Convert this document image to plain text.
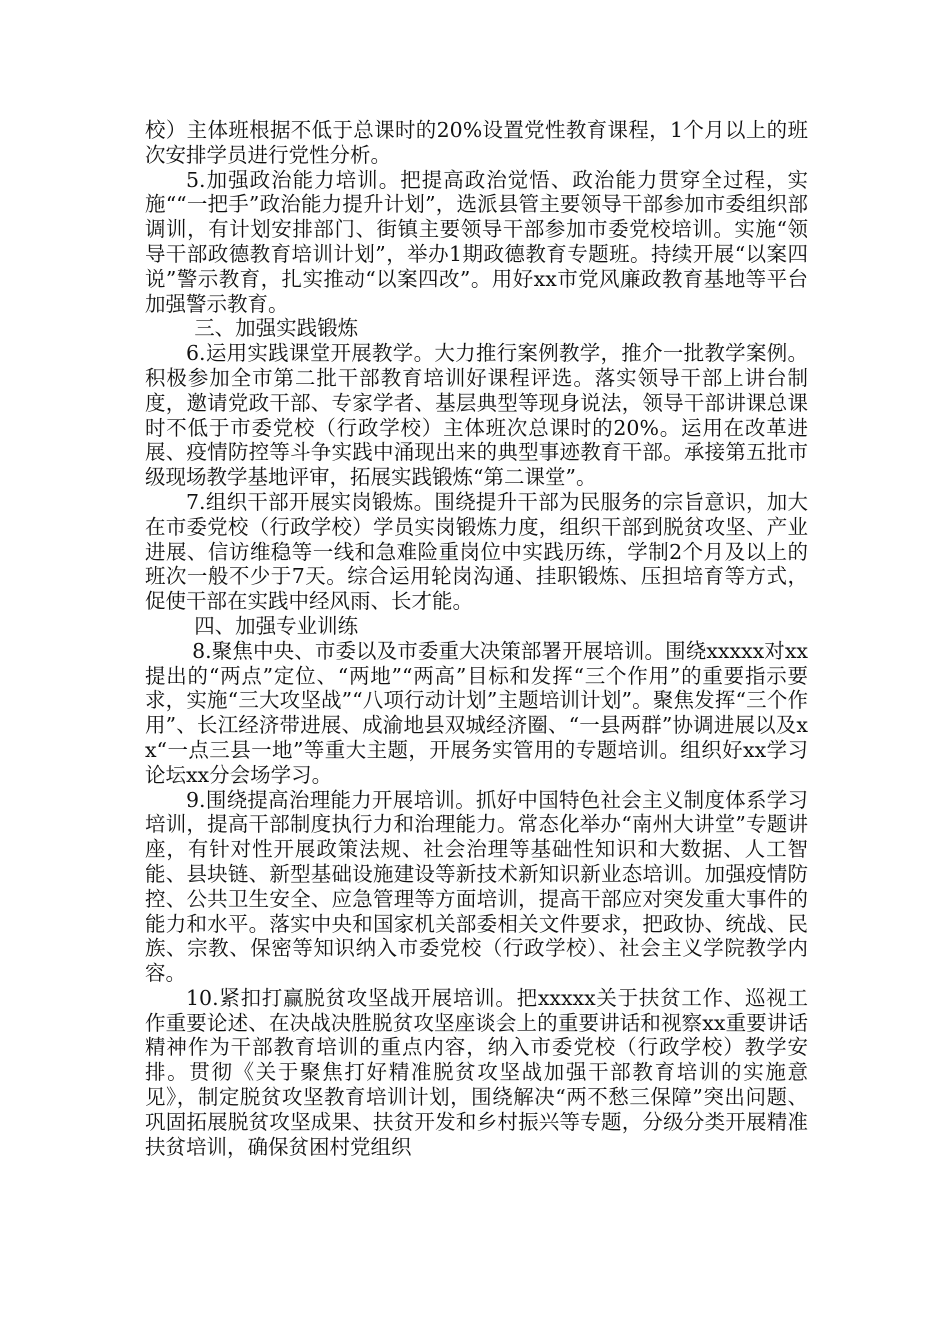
校）主体班根据不低于总课时的20%设置党性教育课程，1个月以上的班次安排学员进行党性分析。

5.加强政治能力培训。把提高政治觉悟、政治能力贯穿全过程，实施““一把手”政治能力提升计划”，选派县管主要领导干部参加市委组织部调训，有计划安排部门、街镇主要领导干部参加市委党校培训。实施“领导干部政德教育培训计划”，举办1期政德教育专题班。持续开展“以案四说”警示教育，扎实推动“以案四改”。用好xx市党风廉政教育基地等平台加强警示教育。

三、加强实践锻炼

6.运用实践课堂开展教学。大力推行案例教学，推介一批教学案例。积极参加全市第二批干部教育培训好课程评选。落实领导干部上讲台制度，邀请党政干部、专家学者、基层典型等现身说法，领导干部讲课总课时不低于市委党校（行政学校）主体班次总课时的20%。运用在改革进展、疫情防控等斗争实践中涌现出来的典型事迹教育干部。承接第五批市级现场教学基地评审，拓展实践锻炼“第二课堂”。

7.组织干部开展实岗锻炼。围绕提升干部为民服务的宗旨意识，加大在市委党校（行政学校）学员实岗锻炼力度，组织干部到脱贫攻坚、产业进展、信访维稳等一线和急难险重岗位中实践历练，学制2个月及以上的班次一般不少于7天。综合运用轮岗沟通、挂职锻炼、压担培育等方式，促使干部在实践中经风雨、长才能。

四、加强专业训练

8.聚焦中央、市委以及市委重大决策部署开展培训。围绕xxxxx对xx提出的“两点”定位、“两地”“两高”目标和发挥“三个作用”的重要指示要求，实施“三大攻坚战”“八项行动计划”主题培训计划”。聚焦发挥“三个作用”、长江经济带进展、成渝地县双城经济圈、“一县两群”协调进展以及xx“一点三县一地”等重大主题，开展务实管用的专题培训。组织好xx学习论坛xx分会场学习。

9.围绕提高治理能力开展培训。抓好中国特色社会主义制度体系学习培训，提高干部制度执行力和治理能力。常态化举办“南州大讲堂”专题讲座，有针对性开展政策法规、社会治理等基础性知识和大数据、人工智能、县块链、新型基础设施建设等新技术新知识新业态培训。加强疫情防控、公共卫生安全、应急管理等方面培训，提高干部应对突发重大事件的能力和水平。落实中央和国家机关部委相关文件要求，把政协、统战、民族、宗教、保密等知识纳入市委党校（行政学校）、社会主义学院教学内容。

10.紧扣打赢脱贫攻坚战开展培训。把xxxxx关于扶贫工作、巡视工作重要论述、在决战决胜脱贫攻坚座谈会上的重要讲话和视察xx重要讲话精神作为干部教育培训的重点内容，纳入市委党校（行政学校）教学安排。贯彻《关于聚焦打好精准脱贫攻坚战加强干部教育培训的实施意见》，制定脱贫攻坚教育培训计划，围绕解决“两不愁三保障”突出问题、巩固拓展脱贫攻坚成果、扶贫开发和乡村振兴等专题，分级分类开展精准扶贫培训，确保贫困村党组织
